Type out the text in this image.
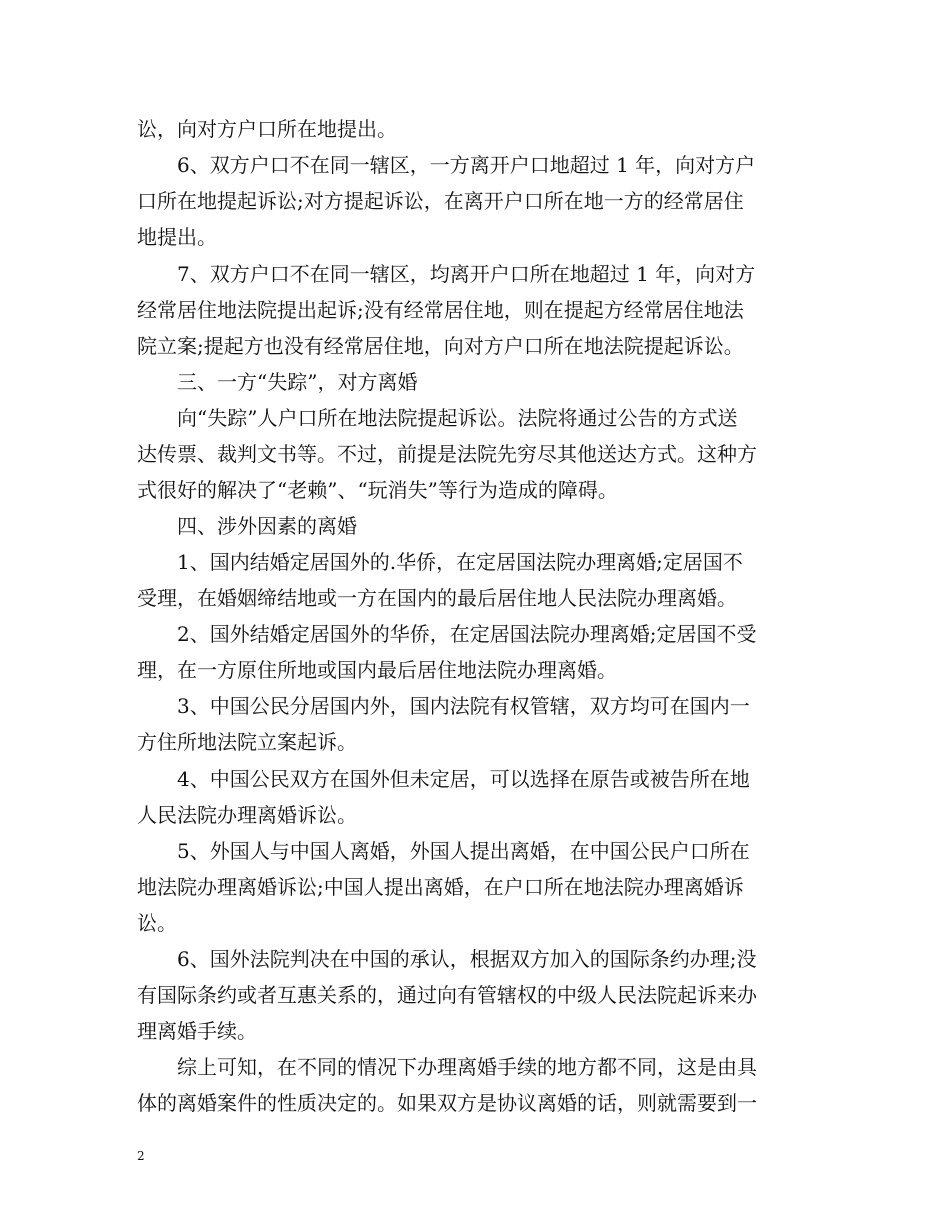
讼，向对方户口所在地提出。
6、双方户口不在同一辖区，一方离开户口地超过 1 年，向对方户
口所在地提起诉讼;对方提起诉讼，在离开户口所在地一方的经常居住
地提出。
7、双方户口不在同一辖区，均离开户口所在地超过 1 年，向对方
经常居住地法院提出起诉;没有经常居住地，则在提起方经常居住地法
院立案;提起方也没有经常居住地，向对方户口所在地法院提起诉讼。
三、一方“失踪”，对方离婚
向“失踪”人户口所在地法院提起诉讼。法院将通过公告的方式送
达传票、裁判文书等。不过，前提是法院先穷尽其他送达方式。这种方
式很好的解决了“老赖”、“玩消失”等行为造成的障碍。
四、涉外因素的离婚
1、国内结婚定居国外的.华侨，在定居国法院办理离婚;定居国不
受理，在婚姻缔结地或一方在国内的最后居住地人民法院办理离婚。
2、国外结婚定居国外的华侨，在定居国法院办理离婚;定居国不受
理，在一方原住所地或国内最后居住地法院办理离婚。
3、中国公民分居国内外，国内法院有权管辖，双方均可在国内一
方住所地法院立案起诉。
4、中国公民双方在国外但未定居，可以选择在原告或被告所在地
人民法院办理离婚诉讼。
5、外国人与中国人离婚，外国人提出离婚，在中国公民户口所在
地法院办理离婚诉讼;中国人提出离婚，在户口所在地法院办理离婚诉
讼。
6、国外法院判决在中国的承认，根据双方加入的国际条约办理;没
有国际条约或者互惠关系的，通过向有管辖权的中级人民法院起诉来办
理离婚手续。
综上可知，在不同的情况下办理离婚手续的地方都不同，这是由具
体的离婚案件的性质决定的。如果双方是协议离婚的话，则就需要到一
2
